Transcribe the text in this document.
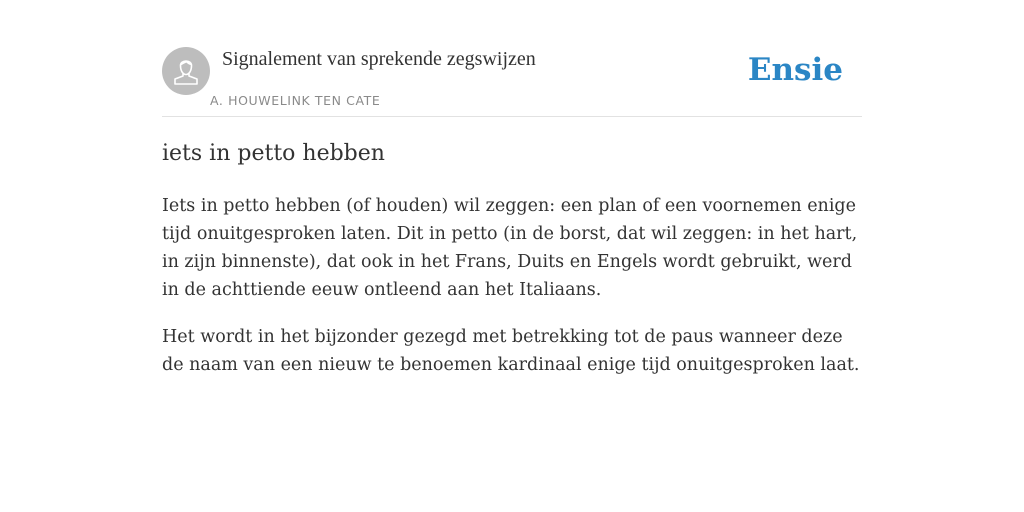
Signalement van sprekende zegswijzen
A. HOUWELINK TEN CATE
Ensie
iets in petto hebben

Iets in petto hebben (of houden) wil zeggen: een plan of een voornemen enige tijd onuitgesproken laten. Dit in petto (in de borst, dat wil zeggen: in het hart, in zijn binnenste), dat ook in het Frans, Duits en Engels wordt gebruikt, werd in de achttiende eeuw ontleend aan het Italiaans.

Het wordt in het bijzonder gezegd met betrekking tot de paus wanneer deze de naam van een nieuw te benoemen kardinaal enige tijd onuitgesproken laat.
